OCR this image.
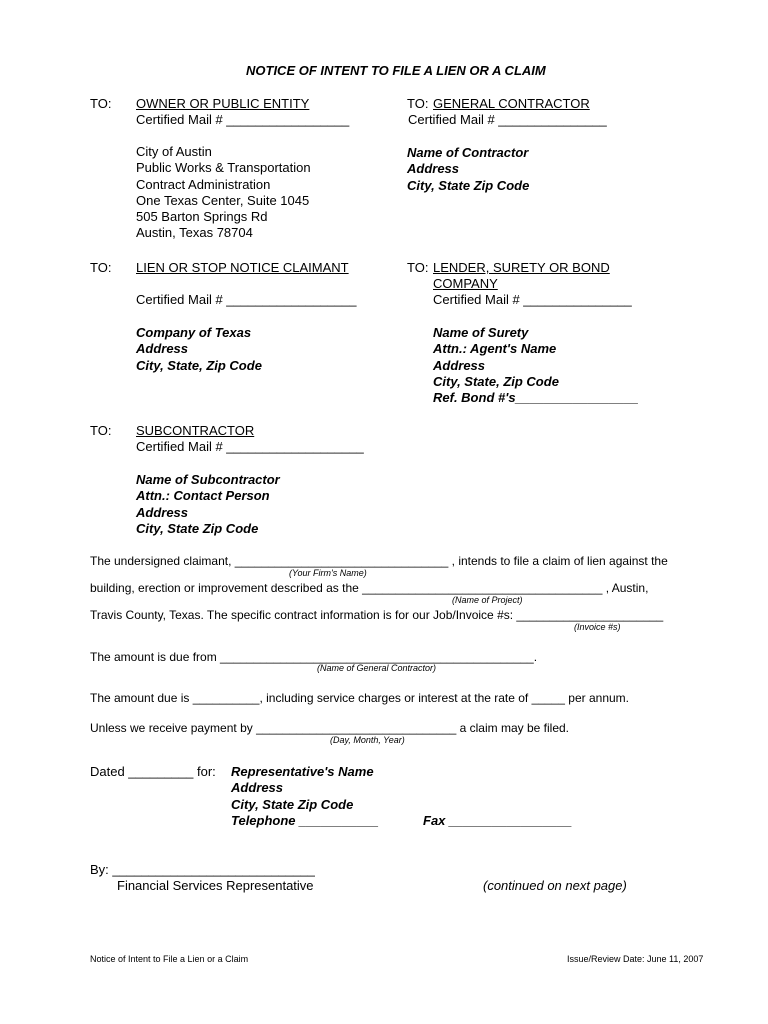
NOTICE OF INTENT TO FILE A LIEN OR A CLAIM
TO: OWNER OR PUBLIC ENTITY
Certified Mail # _________________
City of Austin
Public Works & Transportation
Contract Administration
One Texas Center, Suite 1045
505 Barton Springs Rd
Austin, Texas 78704
TO: GENERAL CONTRACTOR
Certified Mail # _______________
Name of Contractor
Address
City, State Zip Code
TO: LIEN OR STOP NOTICE CLAIMANT
Certified Mail # __________________
Company of Texas
Address
City, State, Zip Code
TO: LENDER, SURETY OR BOND
COMPANY
Certified Mail # _______________
Name of Surety
Attn.: Agent's Name
Address
City, State, Zip Code
Ref. Bond #'s_________________
TO: SUBCONTRACTOR
Certified Mail # ___________________
Name of Subcontractor
Attn.: Contact Person
Address
City, State Zip Code
The undersigned claimant, ________________________________ , intends to file a claim of lien against the
(Your Firm's Name)
building, erection or improvement described as the ____________________________________ , Austin,
(Name of Project)
Travis County, Texas. The specific contract information is for our Job/Invoice #s: ______________________
(Invoice #s)
The amount is due from _______________________________________________.
(Name of General Contractor)
The amount due is __________, including service charges or interest at the rate of _____ per annum.
Unless we receive payment by ______________________________ a claim may be filed.
(Day, Month, Year)
Dated _________ for: Representative's Name
Address
City, State Zip Code
Telephone ___________	Fax _________________
By: ____________________________
Financial Services Representative	(continued on next page)
Notice of Intent to File a Lien or a Claim	Issue/Review Date: June 11, 2007
